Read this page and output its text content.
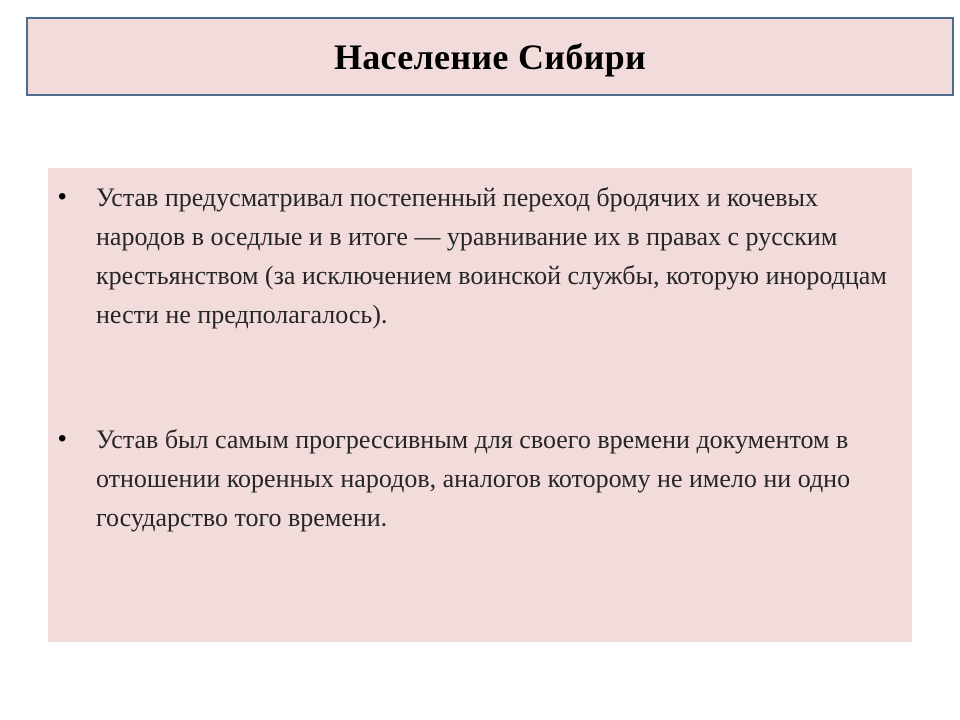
Население Сибири
• Устав предусматривал постепенный переход бродячих и кочевых народов в оседлые и в итоге — уравнивание их в правах с русским крестьянством (за исключением воинской службы, которую инородцам нести не предполагалось).
• Устав был самым прогрессивным для своего времени документом в отношении коренных народов, аналогов которому не имело ни одно государство того времени.
